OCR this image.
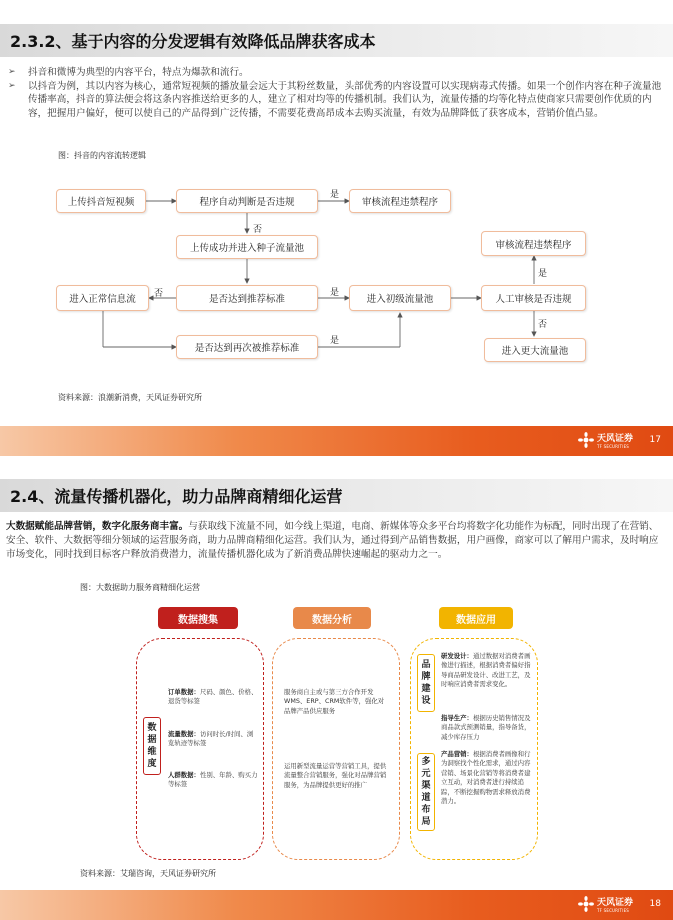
2.3.2、基于内容的分发逻辑有效降低品牌获客成本
➢ 抖音和微博为典型的内容平台，特点为爆款和流行。
➢ 以抖音为例，其以内容为核心，通常短视频的播放量会远大于其粉丝数量，头部优秀的内容设置可以实现病毒式传播。如果一个创作内容在种子流量池传播率高，抖音的算法便会将这条内容推送给更多的人，建立了相对均等的传播机制。我们认为，流量传播的均等化特点使商家只需要创作优质的内容，把握用户偏好，便可以使自己的产品得到广泛传播，不需要花费高昂成本去购买流量，有效为品牌降低了获客成本，营销价值凸显。
图：抖音的内容流转逻辑
上传抖音短视频	程序自动判断是否违规	审核流程违禁程序
上传成功并进入种子流量池	审核流程违禁程序
进入正常信息流	是否达到推荐标准	进入初级流量池	人工审核是否违规
进入更大流量池
是否达到再次被推荐标准
是
否
否	是
是
否
是
资料来源：浪潮新消费，天风证券研究所
天风证券
TF SECURITIES
17
2.4、流量传播机器化，助力品牌商精细化运营
大数据赋能品牌营销，数字化服务商丰富。与获取线下流量不同，如今线上渠道，电商、新媒体等众多平台均将数字化功能作为标配，同时出现了在营销、安全、软件、大数据等细分领域的运营服务商，助力品牌商精细化运营。我们认为，通过得到产品销售数据，用户画像，商家可以了解用户需求，及时响应市场变化，同时找到目标客户释放消费潜力，流量传播机器化成为了新消费品牌快速崛起的驱动力之一。
图：大数据助力服务商精细化运营
数据搜集	数据分析	数据应用
数据维度
订单数据：尺码、颜色、价格、退货等标签
流量数据：访问时长/时间、浏览轨迹等标签
人群数据：性别、年龄、购买力等标签
服务商自主或与第三方合作开发WMS、ERP、CRM软件等，强化对品牌产品供应服务
运用新型流量运营等营销工具，提供流量整合营销服务，强化对品牌营销服务，为品牌提供更好的推广
品牌建设
研发设计：通过数据对消费者画像进行描述，根据消费者偏好指导商品研发设计、改进工艺，及时响应消费者需求变化。
指导生产：根据历史销售情况及商品款式预测销量，指导备货，减少库存压力
多元渠道布局
产品营销：根据消费者画像和行为洞察找个性化需求，通过内容营销、场景化营销等将消费者建立互动，对消费者进行持续追踪，不断挖掘购物需求释放消费潜力。
资料来源：艾瑞咨询，天风证券研究所
天风证券
TF SECURITIES
18
